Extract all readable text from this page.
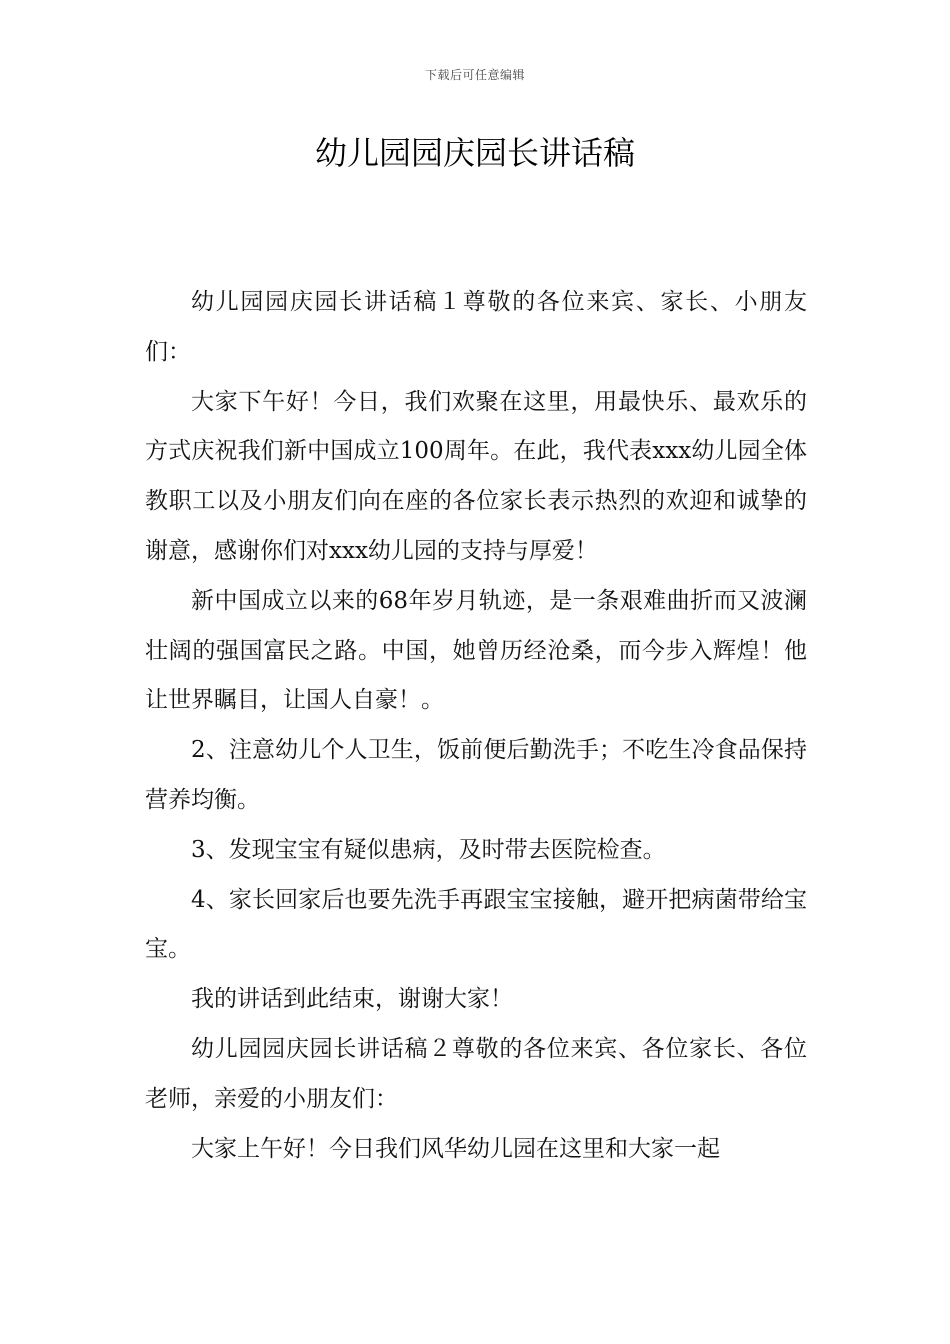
下载后可任意编辑
幼儿园园庆园长讲话稿

幼儿园园庆园长讲话稿１尊敬的各位来宾、家长、小朋友们：

大家下午好！今日，我们欢聚在这里，用最快乐、最欢乐的方式庆祝我们新中国成立100周年。在此，我代表xxx幼儿园全体教职工以及小朋友们向在座的各位家长表示热烈的欢迎和诚挚的谢意，感谢你们对xxx幼儿园的支持与厚爱！

新中国成立以来的68年岁月轨迹，是一条艰难曲折而又波澜壮阔的强国富民之路。中国，她曾历经沧桑，而今步入辉煌！他让世界瞩目，让国人自豪！。

2、注意幼儿个人卫生，饭前便后勤洗手；不吃生冷食品保持营养均衡。

3、发现宝宝有疑似患病，及时带去医院检查。

4、家长回家后也要先洗手再跟宝宝接触，避开把病菌带给宝宝。

我的讲话到此结束，谢谢大家！

幼儿园园庆园长讲话稿２尊敬的各位来宾、各位家长、各位老师，亲爱的小朋友们：

大家上午好！今日我们风华幼儿园在这里和大家一起
